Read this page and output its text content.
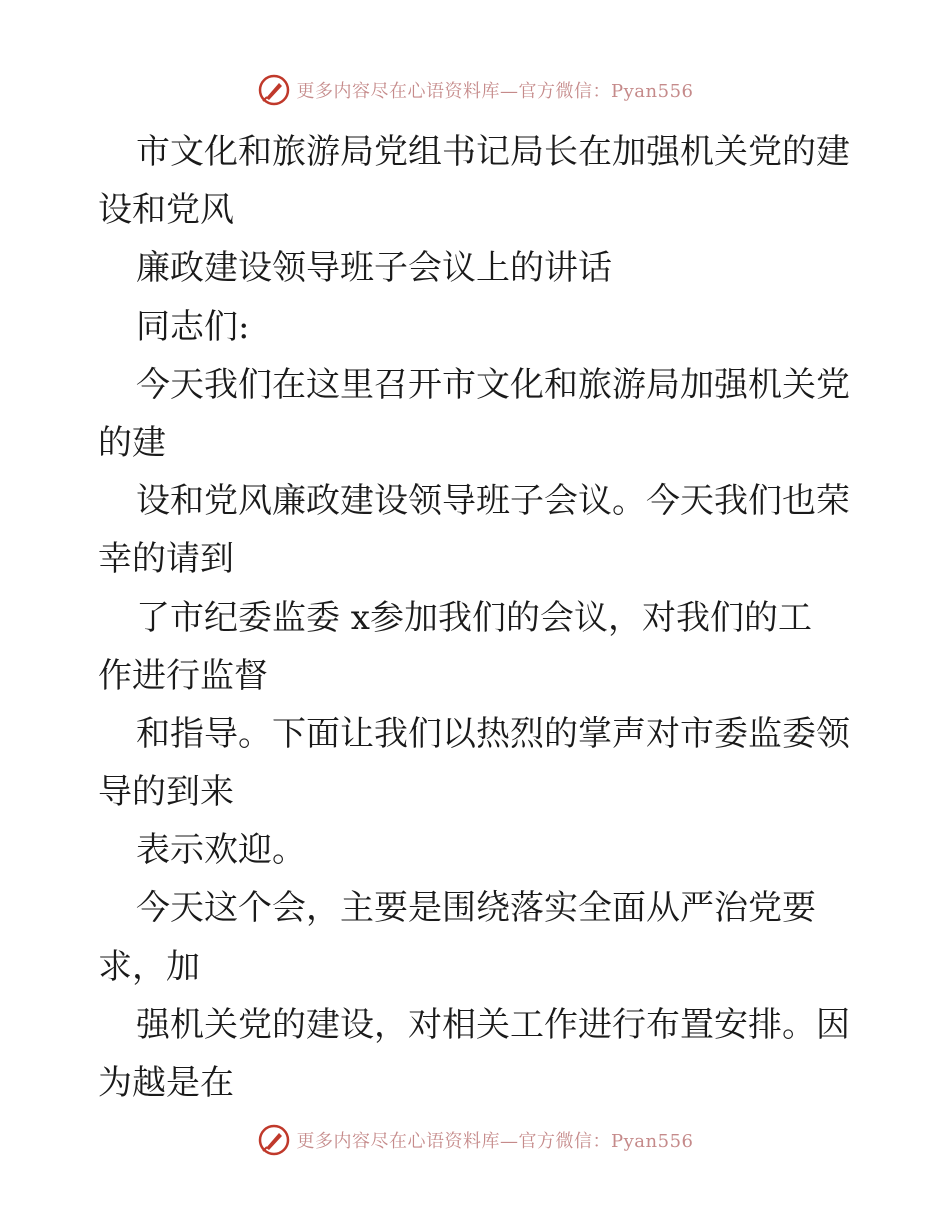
更多内容尽在心语资料库—官方微信：Pyan556
市文化和旅游局党组书记局长在加强机关党的建
设和党风
廉政建设领导班子会议上的讲话
同志们:
今天我们在这里召开市文化和旅游局加强机关党
的建
设和党风廉政建设领导班子会议。今天我们也荣
幸的请到
了市纪委监委 x参加我们的会议，对我们的工
作进行监督
和指导。下面让我们以热烈的掌声对市委监委领
导的到来
表示欢迎。
今天这个会，主要是围绕落实全面从严治党要
求，加
强机关党的建设，对相关工作进行布置安排。因
为越是在
更多内容尽在心语资料库—官方微信：Pyan556
